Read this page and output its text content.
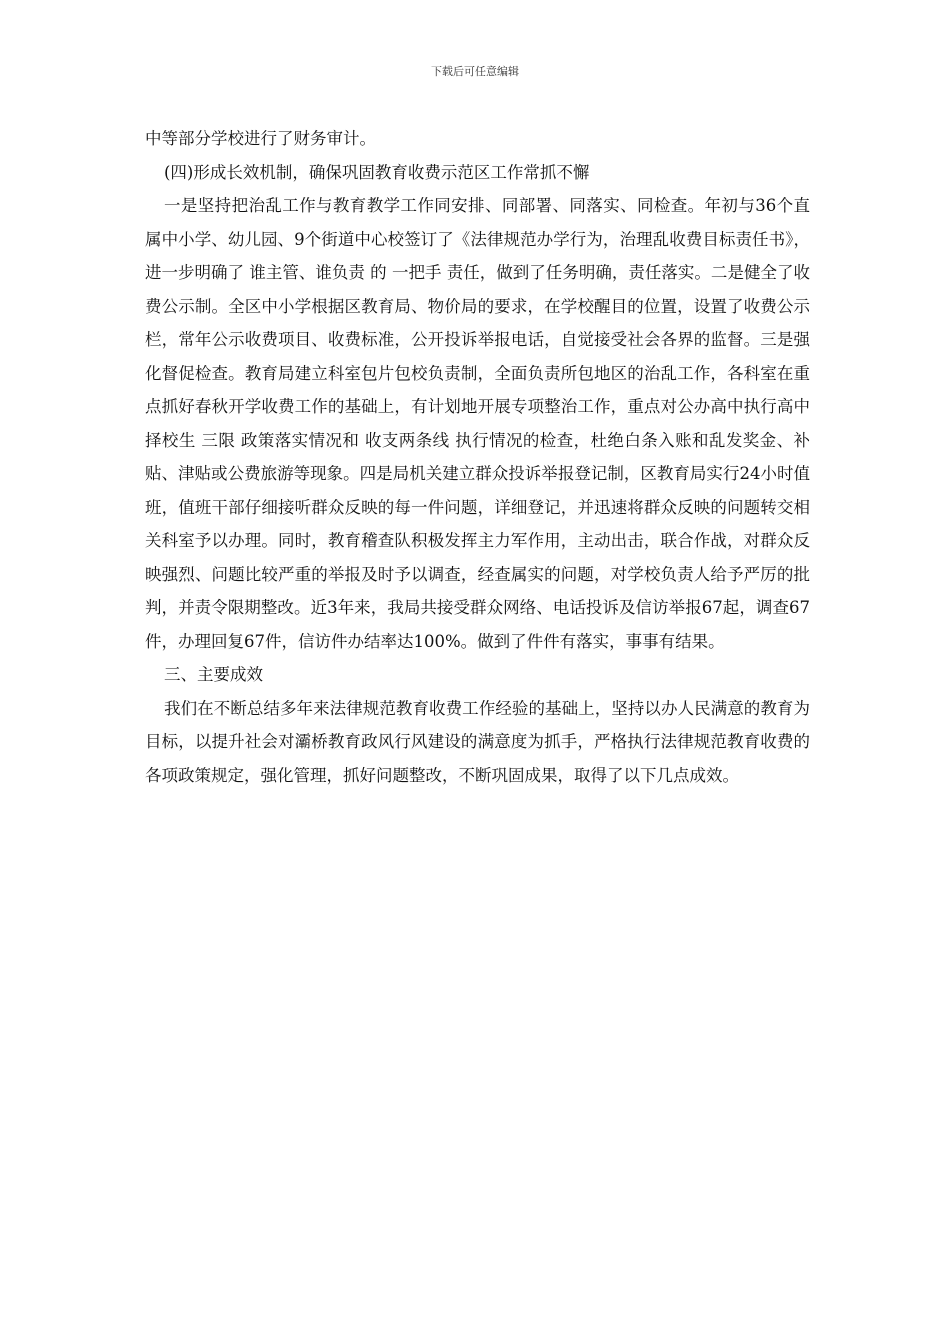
下载后可任意编辑

中等部分学校进行了财务审计。

(四)形成长效机制，确保巩固教育收费示范区工作常抓不懈

一是坚持把治乱工作与教育教学工作同安排、同部署、同落实、同检查。年初与36个直属中小学、幼儿园、9个街道中心校签订了《法律规范办学行为，治理乱收费目标责任书》，进一步明确了 谁主管、谁负责 的 一把手 责任，做到了任务明确，责任落实。二是健全了收费公示制。全区中小学根据区教育局、物价局的要求，在学校醒目的位置，设置了收费公示栏，常年公示收费项目、收费标准，公开投诉举报电话，自觉接受社会各界的监督。三是强化督促检查。教育局建立科室包片包校负责制，全面负责所包地区的治乱工作，各科室在重点抓好春秋开学收费工作的基础上，有计划地开展专项整治工作，重点对公办高中执行高中择校生 三限 政策落实情况和 收支两条线 执行情况的检查，杜绝白条入账和乱发奖金、补贴、津贴或公费旅游等现象。四是局机关建立群众投诉举报登记制，区教育局实行24小时值班，值班干部仔细接听群众反映的每一件问题，详细登记，并迅速将群众反映的问题转交相关科室予以办理。同时，教育稽查队积极发挥主力军作用，主动出击，联合作战，对群众反映强烈、问题比较严重的举报及时予以调查，经查属实的问题，对学校负责人给予严厉的批判，并责令限期整改。近3年来，我局共接受群众网络、电话投诉及信访举报67起，调查67件，办理回复67件，信访件办结率达100%。做到了件件有落实，事事有结果。

三、主要成效

我们在不断总结多年来法律规范教育收费工作经验的基础上，坚持以办人民满意的教育为目标，以提升社会对灞桥教育政风行风建设的满意度为抓手，严格执行法律规范教育收费的各项政策规定，强化管理，抓好问题整改，不断巩固成果，取得了以下几点成效。
